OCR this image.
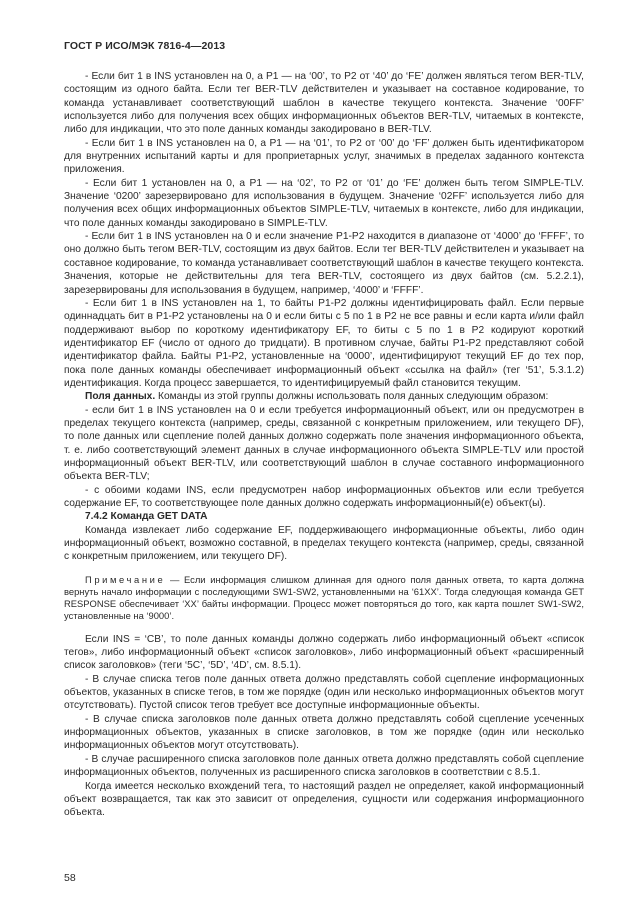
ГОСТ Р ИСО/МЭК 7816-4—2013

- Если бит 1 в INS установлен на 0, а P1 — на ‘00’, то P2 от ‘40’ до ‘FE’ должен являться тегом BER-TLV, состоящим из одного байта. Если тег BER-TLV действителен и указывает на составное кодирование, то команда устанавливает соответствующий шаблон в качестве текущего контекста. Значение ‘00FF’ используется либо для получения всех общих информационных объектов BER-TLV, читаемых в контексте, либо для индикации, что это поле данных команды закодировано в BER-TLV.

- Если бит 1 в INS установлен на 0, а P1 — на ‘01’, то P2 от ‘00’ до ‘FF’ должен быть идентификатором для внутренних испытаний карты и для проприетарных услуг, значимых в пределах заданного контекста приложения.

- Если бит 1 установлен на 0, а P1 — на ‘02’, то P2 от ‘01’ до ‘FE’ должен быть тегом SIMPLE-TLV. Значение ‘0200’ зарезервировано для использования в будущем. Значение ‘02FF’ используется либо для получения всех общих информационных объектов SIMPLE-TLV, читаемых в контексте, либо для индикации, что поле данных команды закодировано в SIMPLE-TLV.

- Если бит 1 в INS установлен на 0 и если значение P1-P2 находится в диапазоне от ‘4000’ до ‘FFFF’, то оно должно быть тегом BER-TLV, состоящим из двух байтов. Если тег BER-TLV действителен и указывает на составное кодирование, то команда устанавливает соответствующий шаблон в качестве текущего контекста. Значения, которые не действительны для тега BER-TLV, состоящего из двух байтов (см. 5.2.2.1), зарезервированы для использования в будущем, например, ‘4000’ и ‘FFFF’.

- Если бит 1 в INS установлен на 1, то байты P1-P2 должны идентифицировать файл. Если первые одиннадцать бит в P1-P2 установлены на 0 и если биты с 5 по 1 в P2 не все равны и если карта и/или файл поддерживают выбор по короткому идентификатору EF, то биты с 5 по 1 в P2 кодируют короткий идентификатор EF (число от одного до тридцати). В противном случае, байты P1-P2 представляют собой идентификатор файла. Байты P1-P2, установленные на ‘0000’, идентифицируют текущий EF до тех пор, пока поле данных команды обеспечивает информационный объект «ссылка на файл» (тег ‘51’, 5.3.1.2) идентификация. Когда процесс завершается, то идентифицируемый файл становится текущим.

Поля данных. Команды из этой группы должны использовать поля данных следующим образом:

- если бит 1 в INS установлен на 0 и если требуется информационный объект, или он предусмотрен в пределах текущего контекста (например, среды, связанной с конкретным приложением, или текущего DF), то поле данных или сцепление полей данных должно содержать поле значения информационного объекта, т. е. либо соответствующий элемент данных в случае информационного объекта SIMPLE-TLV или простой информационный объект BER-TLV, или соответствующий шаблон в случае составного информационного объекта BER-TLV;

- с обоими кодами INS, если предусмотрен набор информационных объектов или если требуется содержание EF, то соответствующее поле данных должно содержать информационный(е) объект(ы).

7.4.2 Команда GET DATA

Команда извлекает либо содержание EF, поддерживающего информационные объекты, либо один информационный объект, возможно составной, в пределах текущего контекста (например, среды, связанной с конкретным приложением, или текущего DF).

Примечание — Если информация слишком длинная для одного поля данных ответа, то карта должна вернуть начало информации с последующими SW1-SW2, установленными на ‘61XX’. Тогда следующая команда GET RESPONSE обеспечивает ‘XX’ байты информации. Процесс может повторяться до того, как карта пошлет SW1-SW2, установленные на ‘9000’.

Если INS = ‘CB’, то поле данных команды должно содержать либо информационный объект «список тегов», либо информационный объект «список заголовков», либо информационный объект «расширенный список заголовков» (теги ‘5C’, ‘5D’, ‘4D’, см. 8.5.1).

- В случае списка тегов поле данных ответа должно представлять собой сцепление информационных объектов, указанных в списке тегов, в том же порядке (один или несколько информационных объектов могут отсутствовать). Пустой список тегов требует все доступные информационные объекты.

- В случае списка заголовков поле данных ответа должно представлять собой сцепление усеченных информационных объектов, указанных в списке заголовков, в том же порядке (один или несколько информационных объектов могут отсутствовать).

- В случае расширенного списка заголовков поле данных ответа должно представлять собой сцепление информационных объектов, полученных из расширенного списка заголовков в соответствии с 8.5.1.

Когда имеется несколько вхождений тега, то настоящий раздел не определяет, какой информационный объект возвращается, так как это зависит от определения, сущности или содержания информационного объекта.

58
